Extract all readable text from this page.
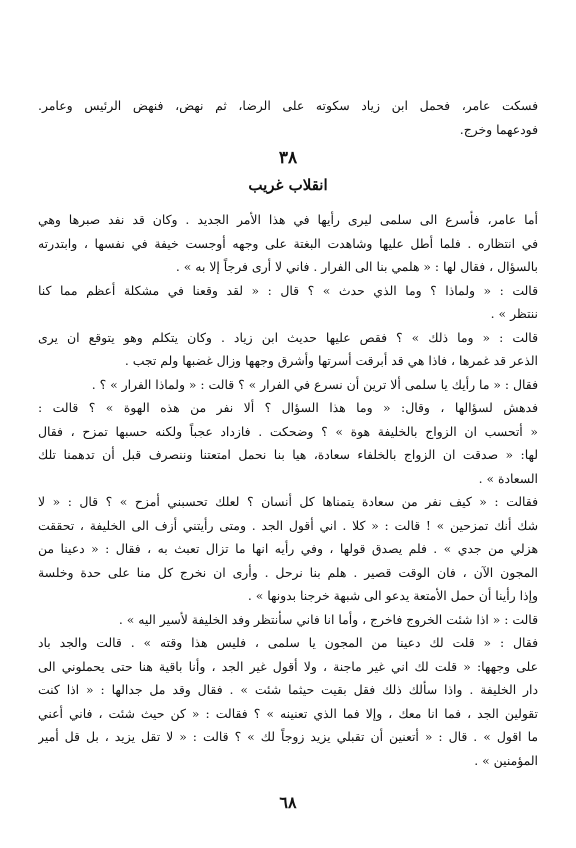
فسكت عامر، فحمل ابن زياد سكوته على الرضا، ثم نهض، فنهض الرئيس وعامر.
فودعهما وخرج.
٣٨
انقلاب غريب
أما عامر، فأسرع الى سلمى ليرى رأيها في هذا الأمر الجديد . وكان قد نفد صبرها وهي
في انتظاره . فلما أطل عليها وشاهدت البغتة على وجهه أوجست خيفة في نفسها ، وابتدرته
بالسؤال ، فقال لها : « هلمي بنا الى الفرار . فاني لا أرى فرجاً إلا به » .
قالت : « ولماذا ؟ وما الذي حدث » ؟ قال : « لقد وقعنا في مشكلة أعظم مما كنا
ننتظر » .
قالت : « وما ذلك » ؟ فقص عليها حديث ابن زياد . وكان يتكلم وهو يتوقع ان يرى
الذعر قد غمرها ، فاذا هي قد أبرقت أسرتها وأشرق وجهها وزال غضبها ولم تجب .
فقال : « ما رأيك يا سلمى ألا ترين أن نسرع في الفرار » ؟ قالت : « ولماذا الفرار » ؟ .
فدهش لسؤالها ، وقال: « وما هذا السؤال ؟ ألا نفر من هذه الهوة » ؟ قالت :
« أتحسب ان الزواج بالخليفة هوة » ؟ وضحكت . فازداد عجباً ولكنه حسبها تمزح ، فقال
لها: « صدقت ان الزواج بالخلفاء سعادة، هيا بنا نحمل امتعتنا وننصرف قبل أن تدهمنا تلك
السعادة » .
فقالت : « كيف نفر من سعادة يتمناها كل أنسان ؟ لعلك تحسبني أمزح » ؟ قال : « لا
شك أنك تمزحين » ! قالت : « كلا . اني أقول الجد . ومتى رأيتني أزف الى الخليفة ، تحققت
هزلي من جدي » . فلم يصدق قولها ، وفي رأيه انها ما تزال تعبث به ، فقال : « دعينا من
المجون الآن ، فان الوقت قصير . هلم بنا نرحل . وأرى ان نخرج كل منا على حدة وخلسة
وإذا رأينا أن حمل الأمتعة يدعو الى شبهة خرجنا بدونها » .
قالت : « اذا شئت الخروج فاخرج ، وأما انا فاني سأنتظر وفد الخليفة لأسير اليه » .
فقال : « قلت لك دعينا من المجون يا سلمى ، فليس هذا وقته » . قالت والجد باد
على وجهها: « قلت لك اني غير ماجنة ، ولا أقول غير الجد ، وأنا باقية هنا حتى يحملوني الى
دار الخليفة . واذا سألك ذلك فقل بقيت حيثما شئت » . فقال وقد مل جدالها : « اذا كنت
تقولين الجد ، فما انا معك ، وإلا فما الذي تعنينه » ؟ فقالت : « كن حيث شئت ، فاني أعني
ما اقول » . قال : « أتعنين أن تقبلي يزيد زوجاً لك » ؟ قالت : « لا تقل يزيد ، بل قل أمير
المؤمنين » .
٦٨
